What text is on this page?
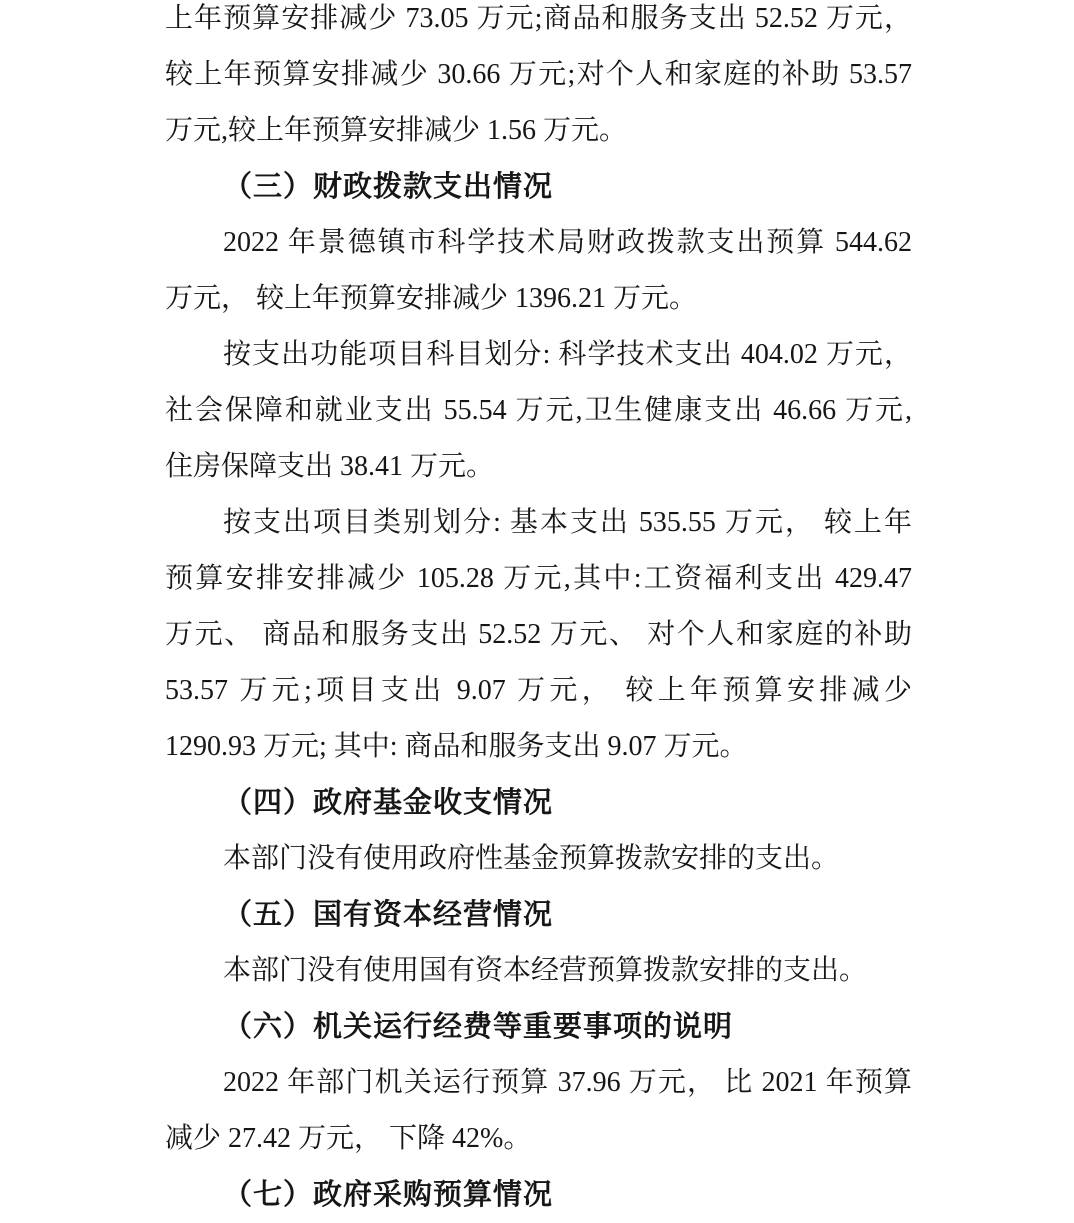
上年预算安排减少 73.05 万元;商品和服务支出 52.52 万元，
较上年预算安排减少 30.66 万元;对个人和家庭的补助 53.57
万元,较上年预算安排减少 1.56 万元。
（三）财政拨款支出情况
2022 年景德镇市科学技术局财政拨款支出预算 544.62
万元， 较上年预算安排减少 1396.21 万元。
按支出功能项目科目划分: 科学技术支出 404.02 万元，
社会保障和就业支出 55.54 万元,卫生健康支出 46.66 万元,
住房保障支出 38.41 万元。
按支出项目类别划分: 基本支出 535.55 万元， 较上年
预算安排安排减少 105.28 万元,其中:工资福利支出 429.47
万元、 商品和服务支出 52.52 万元、 对个人和家庭的补助
53.57 万元;项目支出 9.07 万元， 较上年预算安排减少
1290.93 万元; 其中: 商品和服务支出 9.07 万元。
（四）政府基金收支情况
本部门没有使用政府性基金预算拨款安排的支出。
（五）国有资本经营情况
本部门没有使用国有资本经营预算拨款安排的支出。
（六）机关运行经费等重要事项的说明
2022 年部门机关运行预算 37.96 万元， 比 2021 年预算
减少 27.42 万元， 下降 42%。
（七）政府采购预算情况
